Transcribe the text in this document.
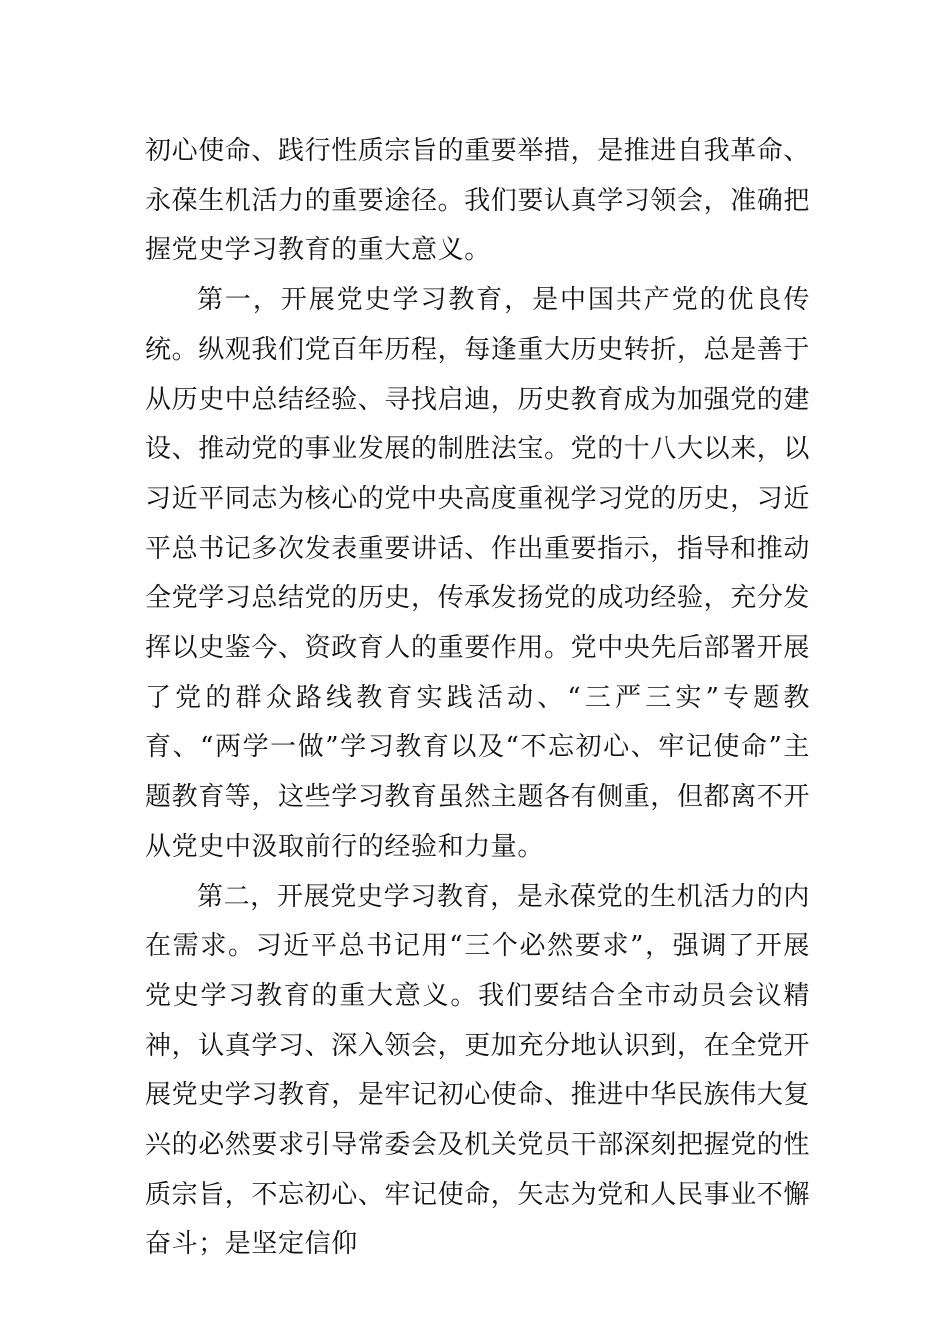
初心使命、践行性质宗旨的重要举措，是推进自我革命、永葆生机活力的重要途径。我们要认真学习领会，准确把握党史学习教育的重大意义。

第一，开展党史学习教育，是中国共产党的优良传统。纵观我们党百年历程，每逢重大历史转折，总是善于从历史中总结经验、寻找启迪，历史教育成为加强党的建设、推动党的事业发展的制胜法宝。党的十八大以来，以习近平同志为核心的党中央高度重视学习党的历史，习近平总书记多次发表重要讲话、作出重要指示，指导和推动全党学习总结党的历史，传承发扬党的成功经验，充分发挥以史鉴今、资政育人的重要作用。党中央先后部署开展了党的群众路线教育实践活动、“三严三实”专题教育、“两学一做”学习教育以及“不忘初心、牢记使命”主题教育等，这些学习教育虽然主题各有侧重，但都离不开从党史中汲取前行的经验和力量。

第二，开展党史学习教育，是永葆党的生机活力的内在需求。习近平总书记用“三个必然要求”，强调了开展党史学习教育的重大意义。我们要结合全市动员会议精神，认真学习、深入领会，更加充分地认识到，在全党开展党史学习教育，是牢记初心使命、推进中华民族伟大复兴的必然要求引导常委会及机关党员干部深刻把握党的性质宗旨，不忘初心、牢记使命，矢志为党和人民事业不懈奋斗；是坚定信仰
